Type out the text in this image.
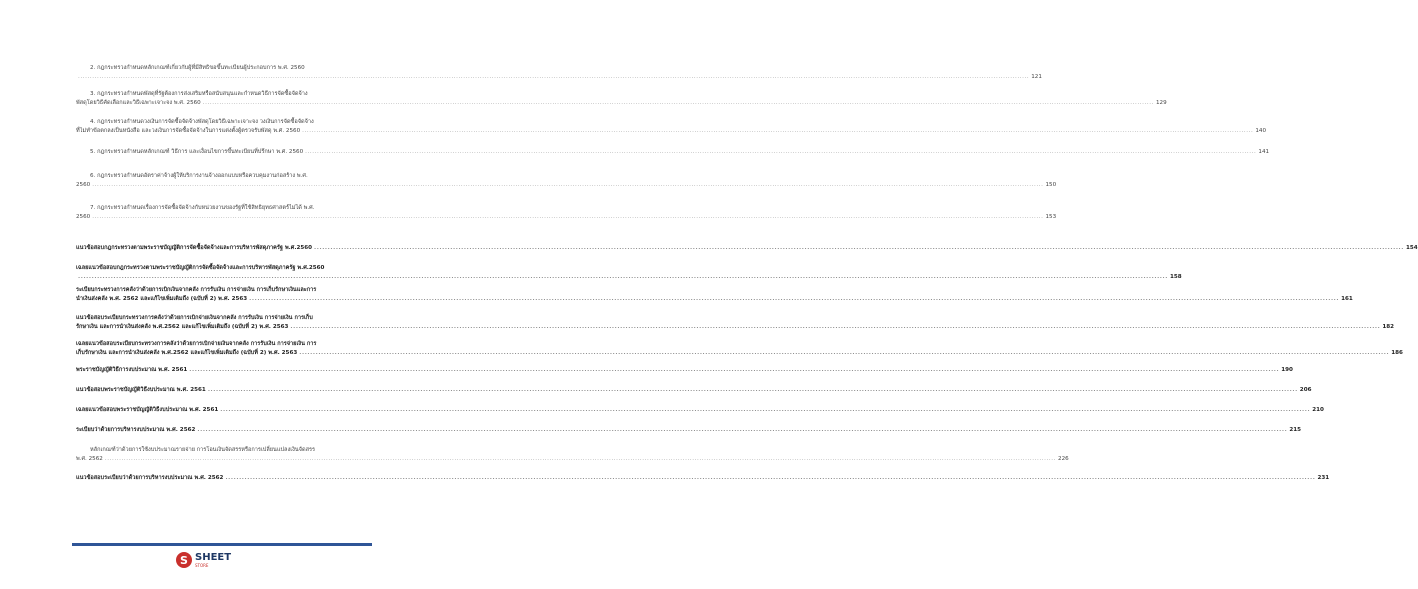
2. กฎกระทรวงกำหนดหลักเกณฑ์เกี่ยวกับผู้ที่มีสิทธิขอขึ้นทะเบียนผู้ประกอบการ พ.ศ. 2560
................................................................................................................................................................................................................................................................................................................................................................................................................ 121
3. กฎกระทรวงกำหนดพัสดุที่รัฐต้องการส่งเสริมหรือสนับสนุนและกำหนดวิธีการจัดซื้อจัดจ้าง
พัสดุโดยวิธีคัดเลือกและวิธีเฉพาะเจาะจง พ.ศ. 2560 ................................................................................................................................................................................................................................................................................................................................................................................................................ 129
4. กฎกระทรวงกำหนดวงเงินการจัดซื้อจัดจ้างพัสดุโดยวิธีเฉพาะเจาะจง วงเงินการจัดซื้อจัดจ้าง
ที่ไม่ทำข้อตกลงเป็นหนังสือ และวงเงินการจัดซื้อจัดจ้างในการแต่งตั้งผู้ตรวจรับพัสดุ พ.ศ. 2560 ................................................................................................................................................................................................................................................................................................................................................................................................................ 140
5. กฎกระทรวงกำหนดหลักเกณฑ์ วิธีการ และเงื่อนไขการขึ้นทะเบียนที่ปรึกษา พ.ศ. 2560 ................................................................................................................................................................................................................................................................................................................................................................................................................ 141
6. กฎกระทรวงกำหนดอัตราค่าจ้างผู้ให้บริการงานจ้างออกแบบหรือควบคุมงานก่อสร้าง พ.ศ.
2560 ................................................................................................................................................................................................................................................................................................................................................................................................................ 150
7. กฎกระทรวงกำหนดเรื่องการจัดซื้อจัดจ้างกับหน่วยงานของรัฐที่ใช้สิทธิยุทธศาสตร์ไม่ได้ พ.ศ.
2560 ................................................................................................................................................................................................................................................................................................................................................................................................................ 153
แนวข้อสอบกฎกระทรวงตามพระราชบัญญัติการจัดซื้อจัดจ้างและการบริหารพัสดุภาครัฐ พ.ศ.2560 ................................................................................................................................................................................................................................................................................................................................................................................................................ 154
เฉลยแนวข้อสอบกฎกระทรวงตามพระราชบัญญัติการจัดซื้อจัดจ้างและการบริหารพัสดุภาครัฐ พ.ศ.2560
................................................................................................................................................................................................................................................................................................................................................................................................................ 158
ระเบียบกระทรวงการคลังว่าด้วยการเบิกเงินจากคลัง การรับเงิน การจ่ายเงิน การเก็บรักษาเงินและการ
นำเงินส่งคลัง พ.ศ. 2562 และแก้ไขเพิ่มเติมถึง (ฉบับที่ 2) พ.ศ. 2563 ................................................................................................................................................................................................................................................................................................................................................................................................................ 161
แนวข้อสอบระเบียบกระทรวงการคลังว่าด้วยการเบิกจ่ายเงินจากคลัง การรับเงิน การจ่ายเงิน การเก็บ
รักษาเงิน และการนำเงินส่งคลัง พ.ศ.2562 และแก้ไขเพิ่มเติมถึง (ฉบับที่ 2) พ.ศ. 2563 ................................................................................................................................................................................................................................................................................................................................................................................................................ 182
เฉลยแนวข้อสอบระเบียบกระทรวงการคลังว่าด้วยการเบิกจ่ายเงินจากคลัง การรับเงิน การจ่ายเงิน การ
เก็บรักษาเงิน และการนำเงินส่งคลัง พ.ศ.2562 และแก้ไขเพิ่มเติมถึง (ฉบับที่ 2) พ.ศ. 2563 ................................................................................................................................................................................................................................................................................................................................................................................................................ 186
พระราชบัญญัติวิธีการงบประมาณ พ.ศ. 2561 ................................................................................................................................................................................................................................................................................................................................................................................................................ 190
แนวข้อสอบพระราชบัญญัติวิธีงบประมาณ พ.ศ. 2561 ................................................................................................................................................................................................................................................................................................................................................................................................................ 206
เฉลยแนวข้อสอบพระราชบัญญัติวิธีงบประมาณ พ.ศ. 2561 ................................................................................................................................................................................................................................................................................................................................................................................................................ 210
ระเบียบว่าด้วยการบริหารงบประมาณ พ.ศ. 2562 ................................................................................................................................................................................................................................................................................................................................................................................................................ 215
หลักเกณฑ์ว่าด้วยการใช้งบประมาณรายจ่าย การโอนเงินจัดสรรหรือการเปลี่ยนแปลงเงินจัดสรร
พ.ศ. 2562 ................................................................................................................................................................................................................................................................................................................................................................................................................ 226
แนวข้อสอบระเบียบว่าด้วยการบริหารงบประมาณ พ.ศ. 2562 ................................................................................................................................................................................................................................................................................................................................................................................................................ 231
S SHEET
STORE
